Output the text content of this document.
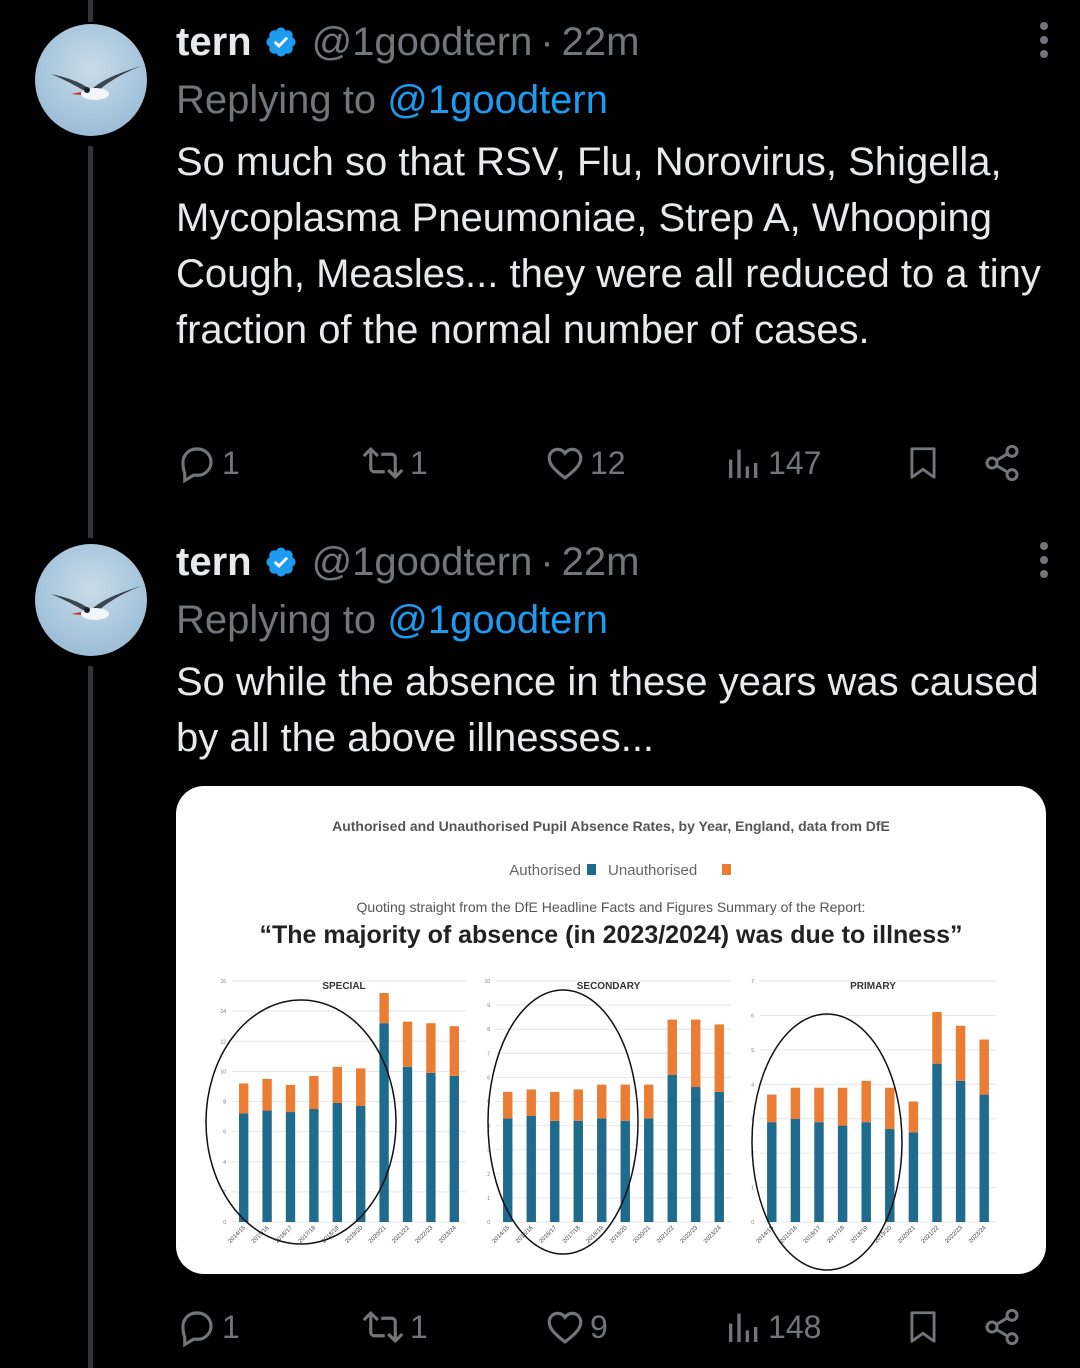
tern @1goodtern · 22m
Replying to @1goodtern
So much so that RSV, Flu, Norovirus, Shigella, Mycoplasma Pneumoniae, Strep A, Whooping Cough, Measles... they were all reduced to a tiny fraction of the normal number of cases.
1	1	12	147
tern @1goodtern · 22m
Replying to @1goodtern
So while the absence in these years was caused by all the above illnesses...
Authorised and Unauthorised Pupil Absence Rates, by Year, England, data from DfE
Authorised Unauthorised
Quoting straight from the DfE Headline Facts and Figures Summary of the Report:
“The majority of absence (in 2023/2024) was due to illness”
0
2
4
6
8
10
12
14
16	SPECIAL
2014/15 2015/16 2016/17 2017/18 2018/19 2019/20 2020/21 2021/22 2022/23 2023/24
0
1
2
3
4
5
6
7
8
9
10	SECONDARY
2014/15 2015/16 2016/17 2017/18 2018/19 2019/20 2020/21 2021/22 2022/23 2023/24
0
1
2
3
4
5
6
7	PRIMARY
2014/15 2015/16 2016/17 2017/18 2018/19 2019/20 2020/21 2021/22 2022/23 2023/24
1	1	9	148
